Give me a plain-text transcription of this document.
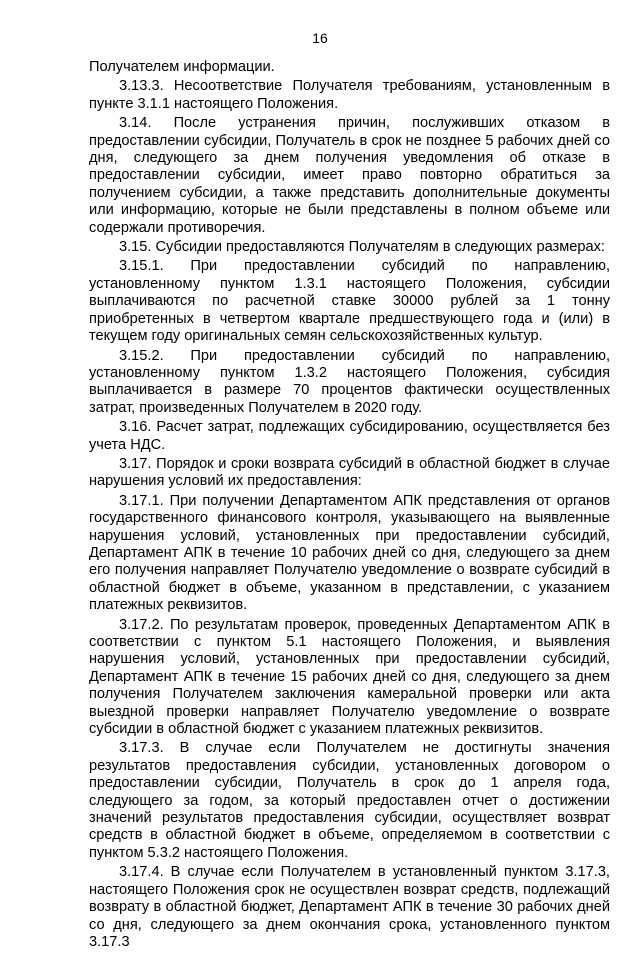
16

Получателем информации.

3.13.3. Несоответствие Получателя требованиям, установленным в пункте 3.1.1 настоящего Положения.

3.14. После устранения причин, послуживших отказом в предоставлении субсидии, Получатель в срок не позднее 5 рабочих дней со дня, следующего за днем получения уведомления об отказе в предоставлении субсидии, имеет право повторно обратиться за получением субсидии, а также представить дополнительные документы или информацию, которые не были представлены в полном объеме или содержали противоречия.

3.15. Субсидии предоставляются Получателям в следующих размерах:

3.15.1. При предоставлении субсидий по направлению, установленному пунктом 1.3.1 настоящего Положения, субсидии выплачиваются по расчетной ставке 30000 рублей за 1 тонну приобретенных в четвертом квартале предшествующего года и (или) в текущем году оригинальных семян сельскохозяйственных культур.

3.15.2. При предоставлении субсидий по направлению, установленному пунктом 1.3.2 настоящего Положения, субсидия выплачивается в размере 70 процентов фактически осуществленных затрат, произведенных Получателем в 2020 году.

3.16. Расчет затрат, подлежащих субсидированию, осуществляется без учета НДС.

3.17. Порядок и сроки возврата субсидий в областной бюджет в случае нарушения условий их предоставления:

3.17.1. При получении Департаментом АПК представления от органов государственного финансового контроля, указывающего на выявленные нарушения условий, установленных при предоставлении субсидий, Департамент АПК в течение 10 рабочих дней со дня, следующего за днем его получения направляет Получателю уведомление о возврате субсидий в областной бюджет в объеме, указанном в представлении, с указанием платежных реквизитов.

3.17.2. По результатам проверок, проведенных Департаментом АПК в соответствии с пунктом 5.1 настоящего Положения, и выявления нарушения условий, установленных при предоставлении субсидий, Департамент АПК в течение 15 рабочих дней со дня, следующего за днем получения Получателем заключения камеральной проверки или акта выездной проверки направляет Получателю уведомление о возврате субсидии в областной бюджет с указанием платежных реквизитов.

3.17.3. В случае если Получателем не достигнуты значения результатов предоставления субсидии, установленных договором о предоставлении субсидии, Получатель в срок до 1 апреля года, следующего за годом, за который предоставлен отчет о достижении значений результатов предоставления субсидии, осуществляет возврат средств в областной бюджет в объеме, определяемом в соответствии с пунктом 5.3.2 настоящего Положения.

3.17.4. В случае если Получателем в установленный пунктом 3.17.3, настоящего Положения срок не осуществлен возврат средств, подлежащий возврату в областной бюджет, Департамент АПК в течение 30 рабочих дней со дня, следующего за днем окончания срока, установленного пунктом 3.17.3
